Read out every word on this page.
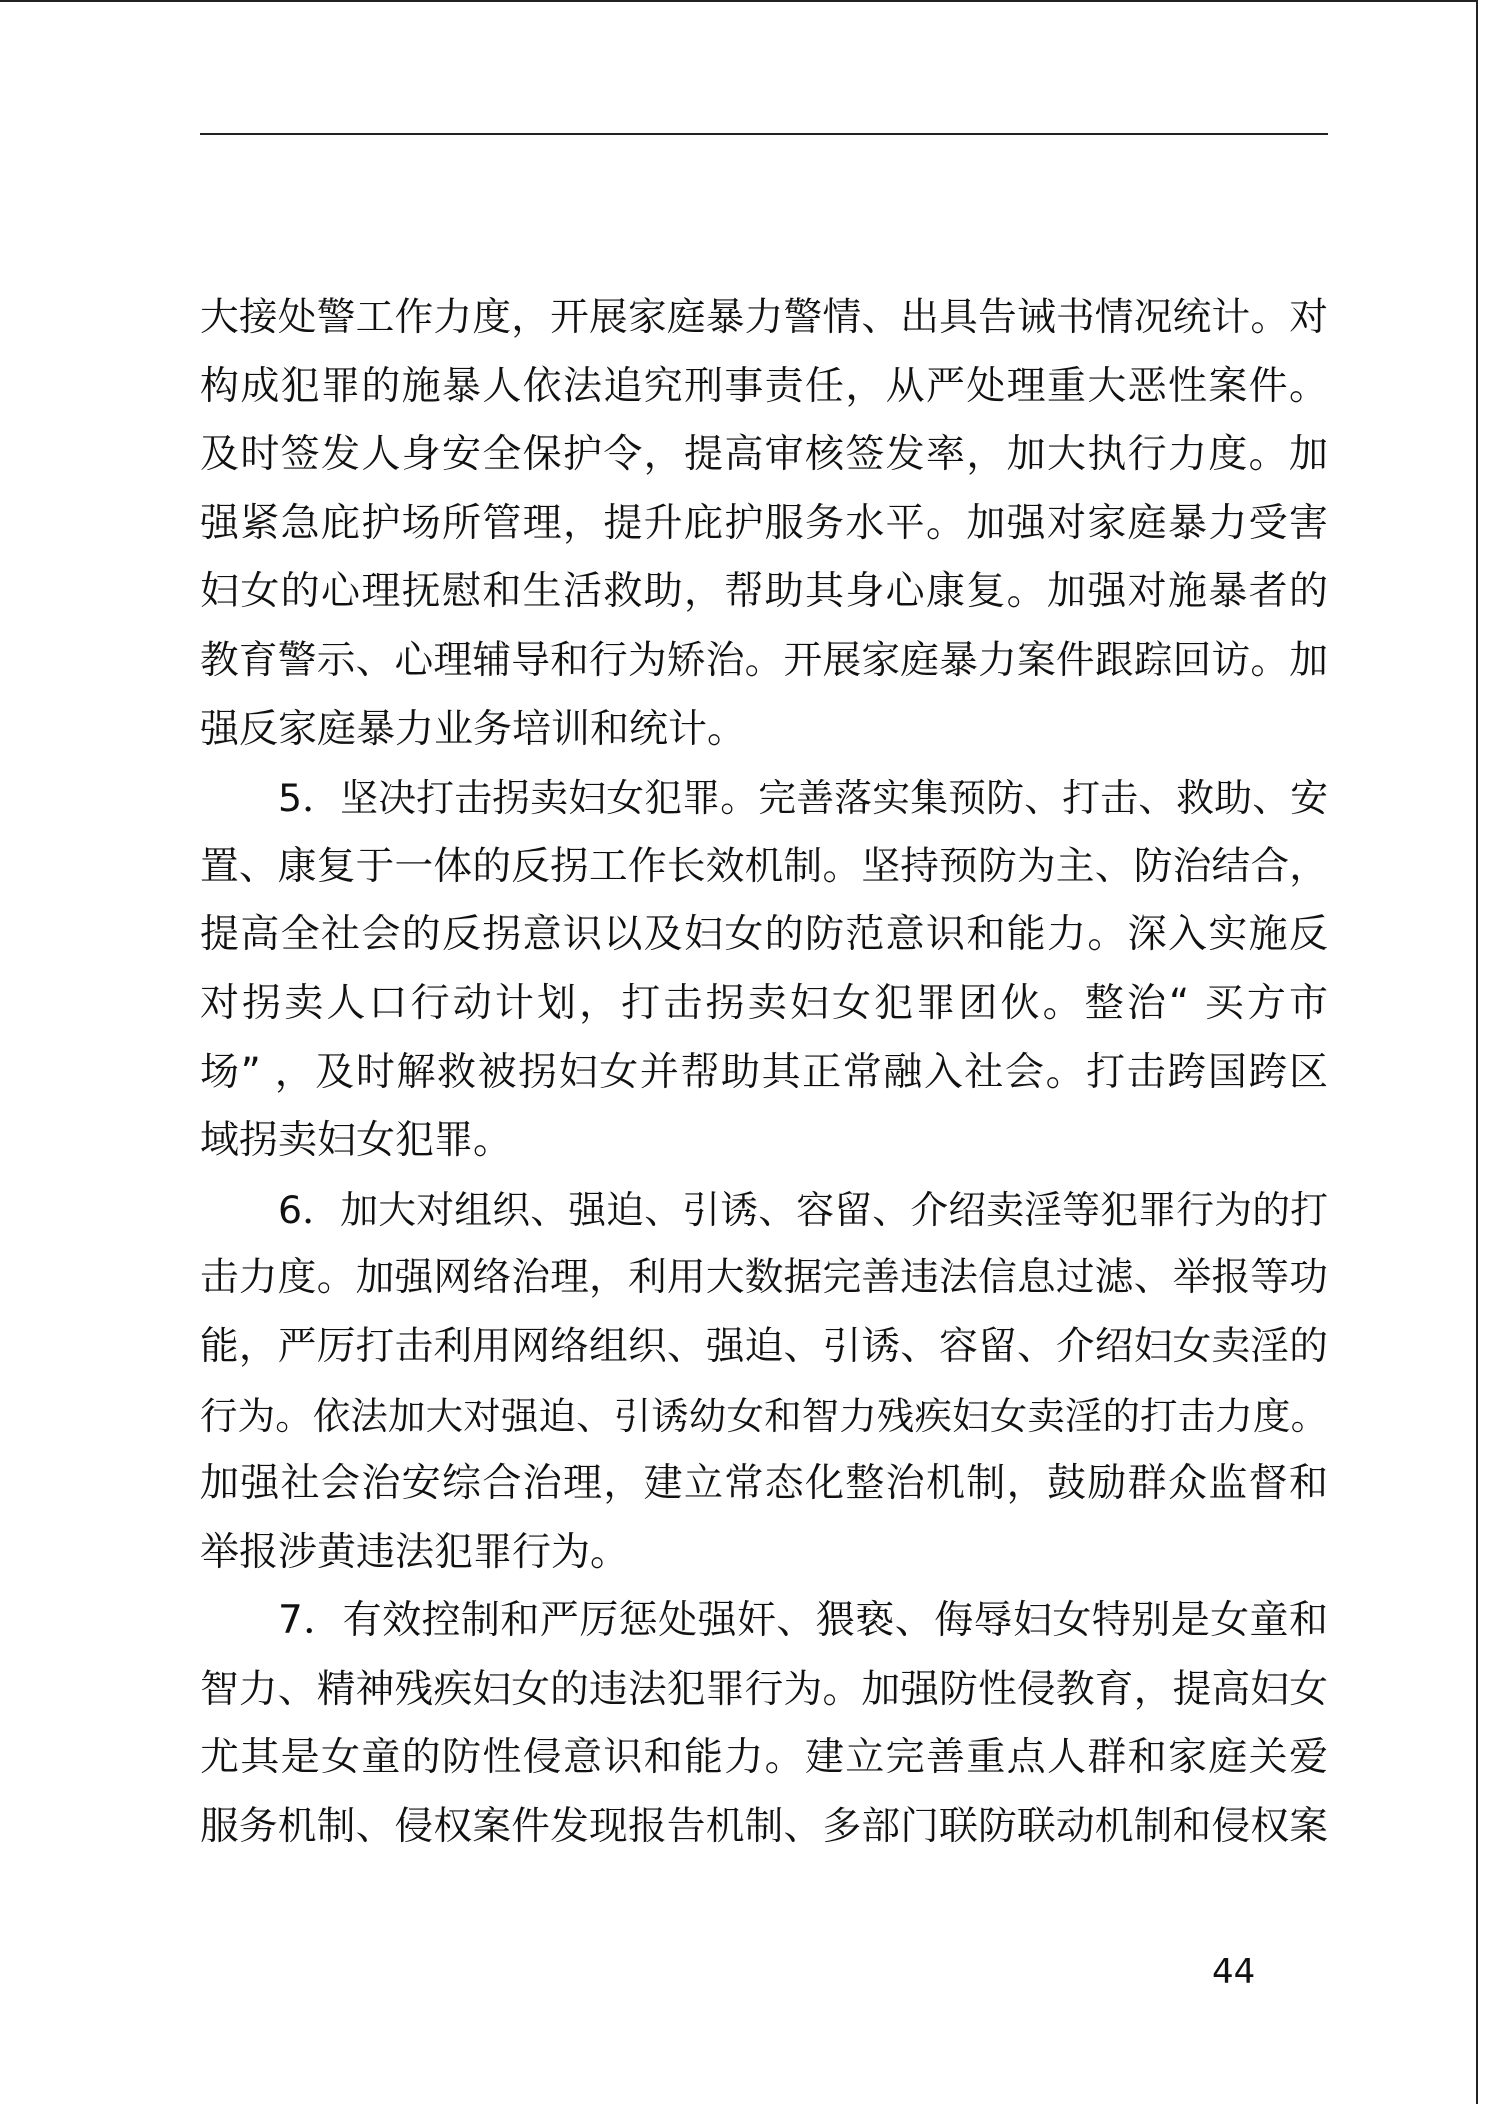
大接处警工作力度，开展家庭暴力警情、出具告诫书情况统计。对
构成犯罪的施暴人依法追究刑事责任，从严处理重大恶性案件。
及时签发人身安全保护令，提高审核签发率，加大执行力度。加
强紧急庇护场所管理，提升庇护服务水平。加强对家庭暴力受害
妇女的心理抚慰和生活救助，帮助其身心康复。加强对施暴者的
教育警示、心理辅导和行为矫治。开展家庭暴力案件跟踪回访。加
强反家庭暴力业务培训和统计。
5．坚决打击拐卖妇女犯罪。完善落实集预防、打击、救助、安
置、康复于一体的反拐工作长效机制。坚持预防为主、防治结合，
提高全社会的反拐意识以及妇女的防范意识和能力。深入实施反
对拐卖人口行动计划，打击拐卖妇女犯罪团伙。整治“ 买方市
场” ，及时解救被拐妇女并帮助其正常融入社会。打击跨国跨区
域拐卖妇女犯罪。
6．加大对组织、强迫、引诱、容留、介绍卖淫等犯罪行为的打
击力度。加强网络治理，利用大数据完善违法信息过滤、举报等功
能，严厉打击利用网络组织、强迫、引诱、容留、介绍妇女卖淫的
行为。依法加大对强迫、引诱幼女和智力残疾妇女卖淫的打击力度。
加强社会治安综合治理，建立常态化整治机制，鼓励群众监督和
举报涉黄违法犯罪行为。
7．有效控制和严厉惩处强奸、猥亵、侮辱妇女特别是女童和
智力、精神残疾妇女的违法犯罪行为。加强防性侵教育，提高妇女
尤其是女童的防性侵意识和能力。建立完善重点人群和家庭关爱
服务机制、侵权案件发现报告机制、多部门联防联动机制和侵权案
44
